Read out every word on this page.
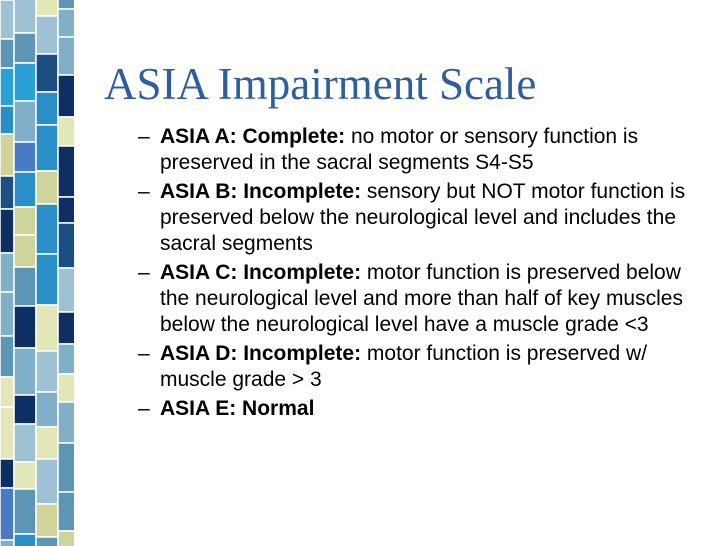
ASIA Impairment Scale
– ASIA A: Complete: no motor or sensory function is preserved in the sacral segments S4-S5
– ASIA B: Incomplete: sensory but NOT motor function is preserved below the neurological level and includes the sacral segments
– ASIA C: Incomplete: motor function is preserved below the neurological level and more than half of key muscles below the neurological level have a muscle grade <3
– ASIA D: Incomplete: motor function is preserved w/ muscle grade > 3
– ASIA E: Normal
